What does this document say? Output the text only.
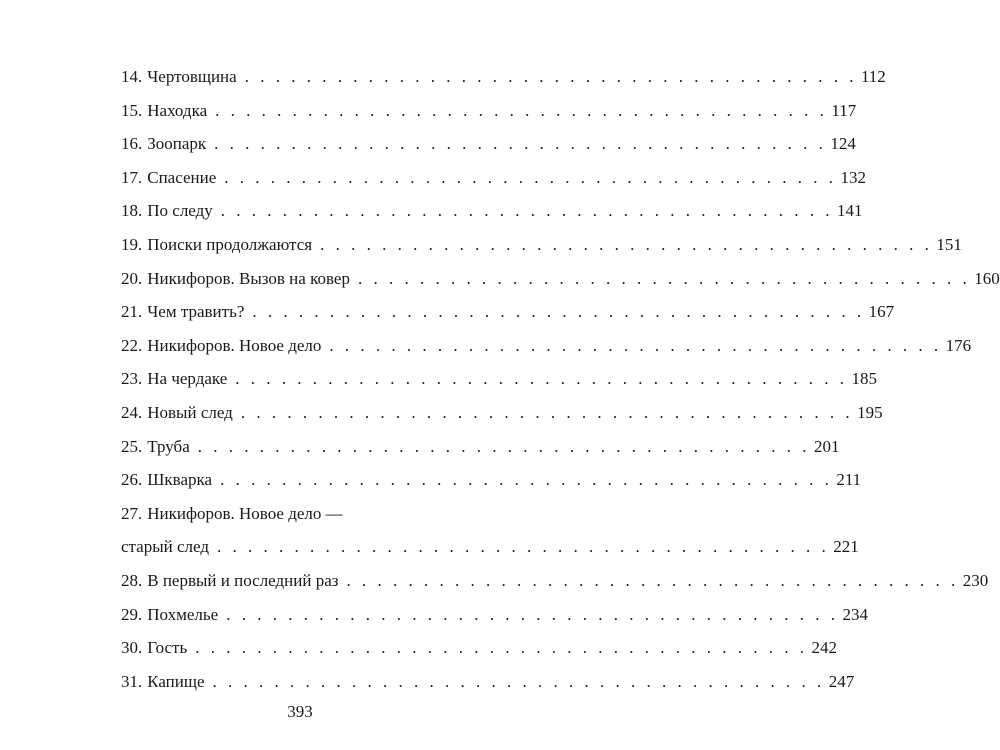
14. Чертовщина . . . . . . . . . . . . . . . . . . . . . . . . . . . . . . . . . . . . . . . . 112
15. Находка . . . . . . . . . . . . . . . . . . . . . . . . . . . . . . . . . . . . . . . . 117
16. Зоопарк . . . . . . . . . . . . . . . . . . . . . . . . . . . . . . . . . . . . . . . . 124
17. Спасение . . . . . . . . . . . . . . . . . . . . . . . . . . . . . . . . . . . . . . . . 132
18. По следу . . . . . . . . . . . . . . . . . . . . . . . . . . . . . . . . . . . . . . . . 141
19. Поиски продолжаются . . . . . . . . . . . . . . . . . . . . . . . . . . . . . . . . . . . . . . . . 151
20. Никифоров. Вызов на ковер . . . . . . . . . . . . . . . . . . . . . . . . . . . . . . . . . . . . . . . . 160
21. Чем травить? . . . . . . . . . . . . . . . . . . . . . . . . . . . . . . . . . . . . . . . . 167
22. Никифоров. Новое дело . . . . . . . . . . . . . . . . . . . . . . . . . . . . . . . . . . . . . . . . 176
23. На чердаке . . . . . . . . . . . . . . . . . . . . . . . . . . . . . . . . . . . . . . . . 185
24. Новый след . . . . . . . . . . . . . . . . . . . . . . . . . . . . . . . . . . . . . . . . 195
25. Труба . . . . . . . . . . . . . . . . . . . . . . . . . . . . . . . . . . . . . . . . 201
26. Шкварка . . . . . . . . . . . . . . . . . . . . . . . . . . . . . . . . . . . . . . . . 211
27. Никифоров. Новое дело —
старый след . . . . . . . . . . . . . . . . . . . . . . . . . . . . . . . . . . . . . . . . 221
28. В первый и последний раз . . . . . . . . . . . . . . . . . . . . . . . . . . . . . . . . . . . . . . . . 230
29. Похмелье . . . . . . . . . . . . . . . . . . . . . . . . . . . . . . . . . . . . . . . . 234
30. Гость . . . . . . . . . . . . . . . . . . . . . . . . . . . . . . . . . . . . . . . . 242
31. Капище . . . . . . . . . . . . . . . . . . . . . . . . . . . . . . . . . . . . . . . . 247
393
